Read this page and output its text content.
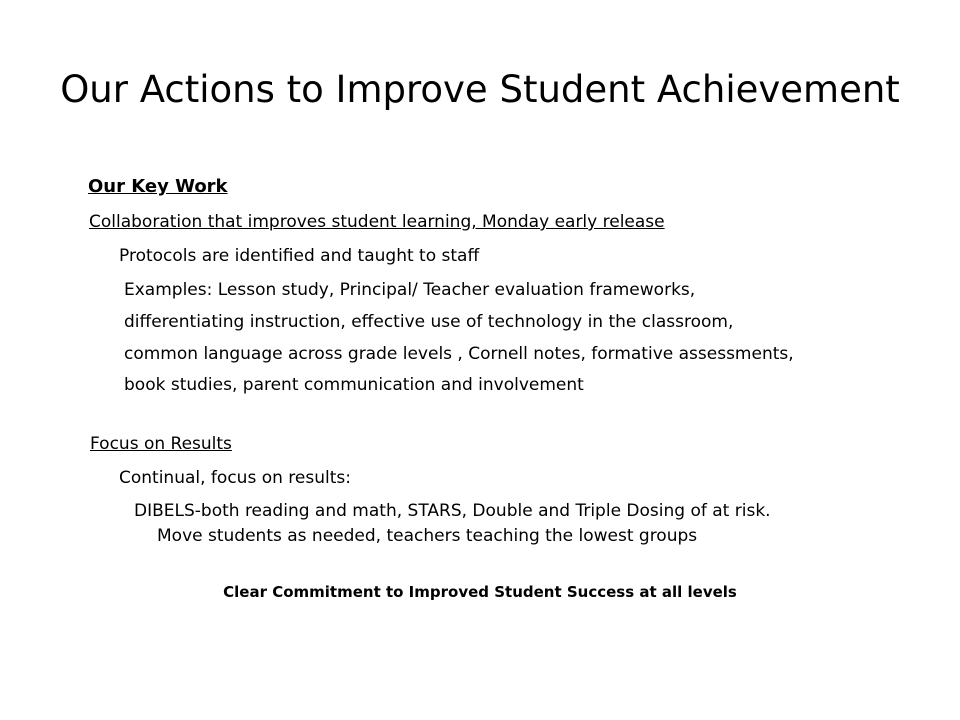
Our Actions to Improve Student Achievement
Our Key Work
Collaboration that improves student learning, Monday early release
Protocols are identified and taught to staff
Examples: Lesson study, Principal/ Teacher evaluation frameworks,
differentiating instruction, effective use of technology in the classroom,
common language across grade levels , Cornell notes, formative assessments,
book studies, parent communication and involvement
Focus on Results
Continual, focus on results:
DIBELS-both reading and math, STARS, Double and Triple Dosing of at risk.
Move students as needed, teachers teaching the lowest groups
Clear Commitment to Improved Student Success at all levels
